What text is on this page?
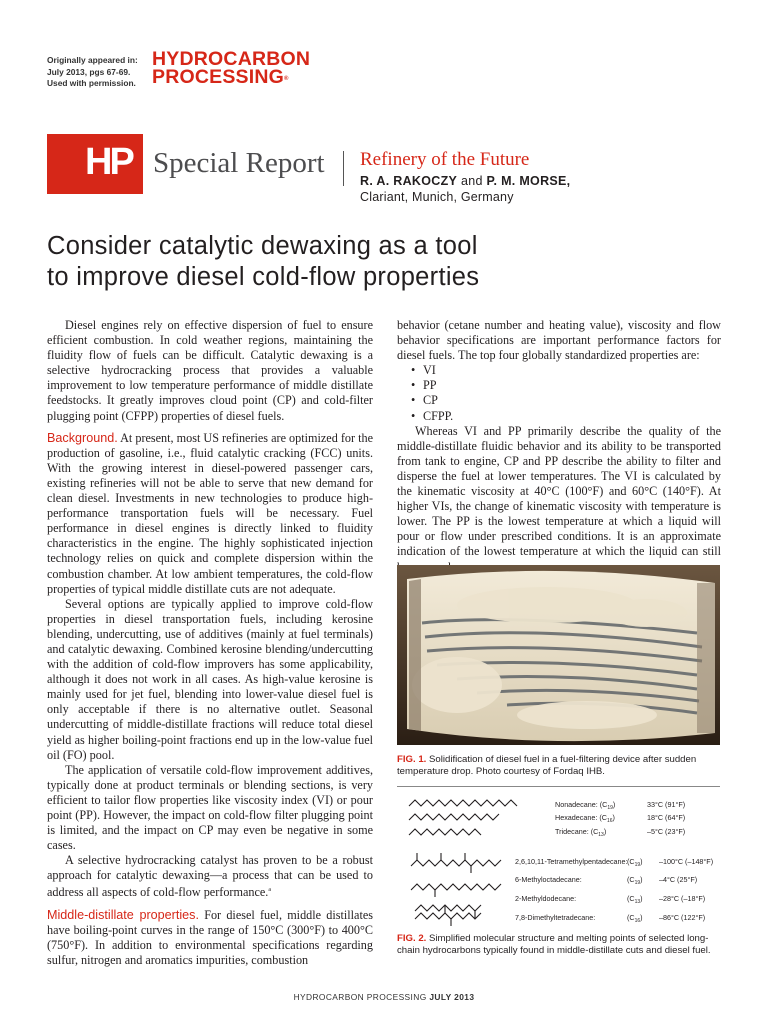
Originally appeared in:
July 2013, pgs 67-69.
Used with permission.
HYDROCARBON
PROCESSING®
HP Special Report Refinery of the Future
R. A. RAKOCZY and P. M. MORSE,
Clariant, Munich, Germany
Consider catalytic dewaxing as a tool
to improve diesel cold-flow properties

Diesel engines rely on effective dispersion of fuel to ensure efficient combustion. In cold weather regions, maintaining the fluidity flow of fuels can be difficult. Catalytic dewaxing is a selective hydrocracking process that provides a valuable improvement to low temperature performance of middle distillate feedstocks. It greatly improves cloud point (CP) and cold-filter plugging point (CFPP) properties of diesel fuels.

Background. At present, most US refineries are optimized for the production of gasoline, i.e., fluid catalytic cracking (FCC) units. With the growing interest in diesel-powered passenger cars, existing refineries will not be able to serve that new demand for clean diesel. Investments in new technologies to produce high-performance transportation fuels will be necessary. Fuel performance in diesel engines is directly linked to fluidity characteristics in the engine. The highly sophisticated injection technology relies on quick and complete dispersion within the combustion chamber. At low ambient temperatures, the cold-flow properties of typical middle distillate cuts are not adequate.

Several options are typically applied to improve cold-flow properties in diesel transportation fuels, including kerosine blending, undercutting, use of additives (mainly at fuel terminals) and catalytic dewaxing. Combined kerosine blending/undercutting with the addition of cold-flow improvers has some applicability, although it does not work in all cases. As high-value kerosine is mainly used for jet fuel, blending into lower-value diesel fuel is only acceptable if there is no alternative outlet. Seasonal undercutting of middle-distillate fractions will reduce total diesel yield as higher boiling-point fractions end up in the low-value fuel oil (FO) pool.

The application of versatile cold-flow improvement additives, typically done at product terminals or blending sections, is very efficient to tailor flow properties like viscosity index (VI) or pour point (PP). However, the impact on cold-flow filter plugging point is limited, and the impact on CP may even be negative in some cases.

A selective hydrocracking catalyst has proven to be a robust approach for catalytic dewaxing—a process that can be used to address all aspects of cold-flow performance.$^a$

Middle-distillate properties. For diesel fuel, middle distillates have boiling-point curves in the range of 150°C (300°F) to 400°C (750°F). In addition to environmental specifications regarding sulfur, nitrogen and aromatics impurities, combustion

behavior (cetane number and heating value), viscosity and flow behavior specifications are important performance factors for diesel fuels. The top four globally standardized properties are:

• VI
• PP
• CP
• CFPP.

Whereas VI and PP primarily describe the quality of the middle-distillate fluidic behavior and its ability to be transported from tank to engine, CP and PP describe the ability to filter and disperse the fuel at lower temperatures. The VI is calculated by the kinematic viscosity at 40°C (100°F) and 60°C (140°F). At higher VIs, the change of kinematic viscosity with temperature is lower. The PP is the lowest temperature at which a liquid will pour or flow under prescribed conditions. It is an approximate indication of the lowest temperature at which the liquid can still

FIG. 1. Solidification of diesel fuel in a fuel-filtering device after sudden temperature drop. Photo courtesy of Fordaq IHB.
Nonadecane: $(C_{19})$	33°C (91°F)
Hexadecane: $(C_{16})$	18°C (64°F)
Tridecane: $(C_{13})$	–5°C (23°F)
2,6,10,11-Tetramethylpentadecane: $(C_{19})$ –100°C (–148°F)
6-Methyloctadecane:	$(C_{19})$ –4°C (25°F)
2-Methyldodecane:	$(C_{13})$ –28°C (–18°F)
7,8-Dimethyltetradecane:	$(C_{16})$ –86°C (122°F)
FIG. 2. Simplified molecular structure and melting points of selected long-chain hydrocarbons typically found in middle-distillate cuts and diesel fuel.
HYDROCARBON PROCESSING JULY 2013
